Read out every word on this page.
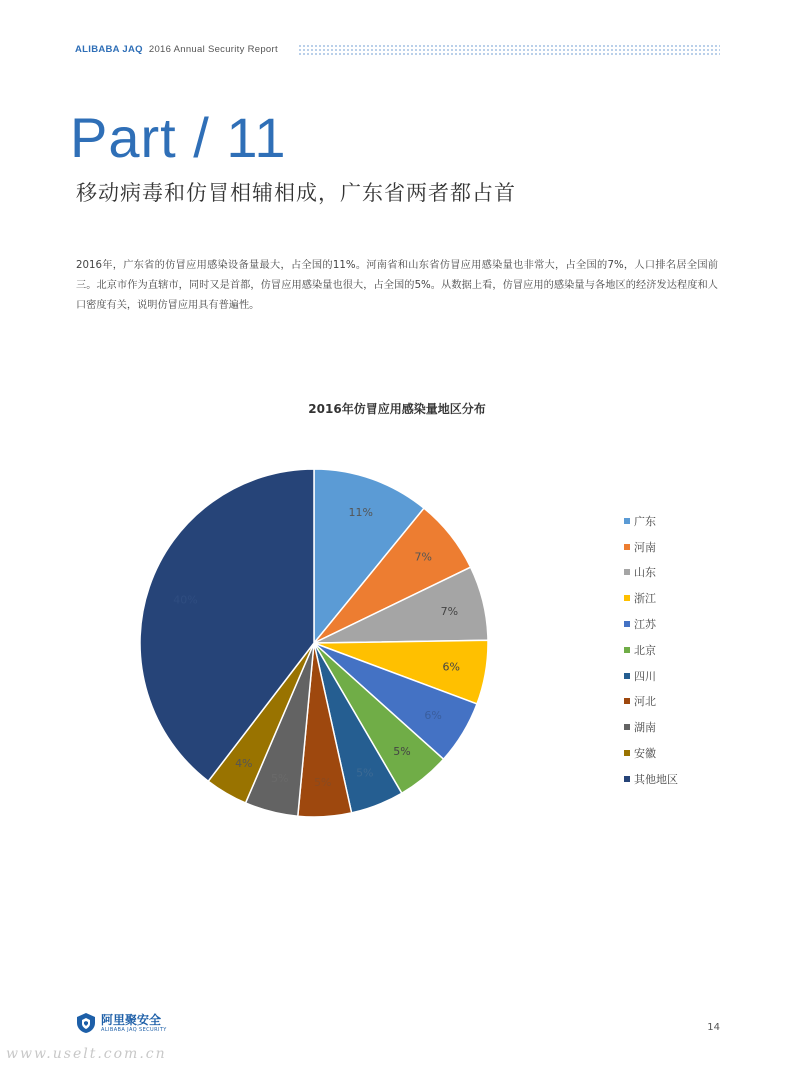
ALIBABA JAQ 2016 Annual Security Report
Part / 11
移动病毒和仿冒相辅相成，广东省两者都占首
2016年，广东省的仿冒应用感染设备量最大，占全国的11%。河南省和山东省仿冒应用感染量也非常大，占全国的7%，人口排名居全国前三。北京市作为直辖市，同时又是首都，仿冒应用感染量也很大，占全国的5%。从数据上看，仿冒应用的感染量与各地区的经济发达程度和人口密度有关，说明仿冒应用具有普遍性。
2016年仿冒应用感染量地区分布
11%
7%
7%
6%
6%
5%
5%
5%
5%
4%
40%
广东
河南
山东
浙江
江苏
北京
四川
河北
湖南
安徽
其他地区
阿里聚安全
ALIBABA JAQ SECURITY	14
www.uselt.com.cn
